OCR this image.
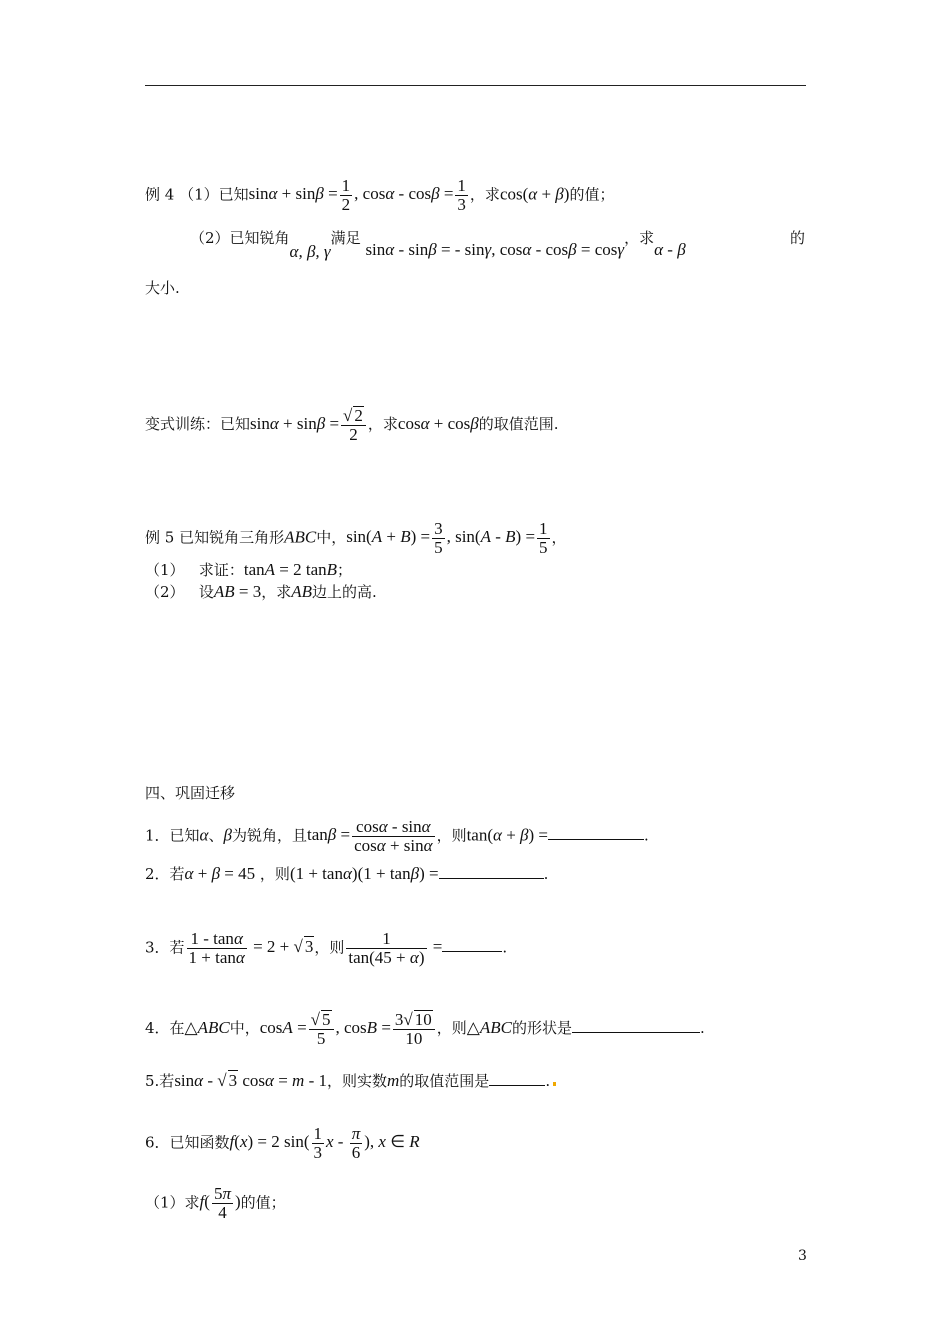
例 4 （1）已知$\sin\alpha + \sin\beta = \frac{1}{2}$ , $\cos\alpha - \cos\beta = \frac{1}{3}$ ，求cos(α + β)的值；
（2）已知锐角α, β, γ满足 sinα - sinβ = - sinγ, cosα - cosβ = cosγ，求α - β
的
大小.
变式训练：已知$\sin\alpha + \sin\beta = \frac{√ 2}{2}$ ，求cosα + cosβ的取值范围.
例 5 已知锐角三角形ABC中，$\sin(A + B) = \frac{3}{5}$ , $\sin(A - B) = \frac{1}{5}$ ，
（1） 求证：tanA = 2 tanB；
（2） 设AB = 3，求AB边上的高.
四、巩固迁移
1．已知α、β为锐角，且$\tan\beta = \frac{\cos\alpha - \sin\alpha}{\cos\alpha + \sin\alpha}$ ，则tan(α + β) =	.
2．若α + β = 45 ，则(1 + tanα)(1 + tanβ) =	.
3．若 $\frac{1 - \tan\alpha}{1 + \tan\alpha} = 2$ + √ 3，则 $\frac{1}{\tan(45 + \alpha)}$ =	.
4．在△ABC中，$\cos A = \frac{√ 5}{5}$ , $\cos B = \frac{3√ 10}{10}$ ，则△ABC的形状是	.
5.若sinα - √ 3 cosα = m - 1，则实数m的取值范围是	.
6．已知函数f(x) = 2 $\sin( \frac{1}{3}$ x - $\frac{\pi}{6}$ ), x ∈ R
（1）求$f( \frac{5\pi}{4}$ )的值；
3
